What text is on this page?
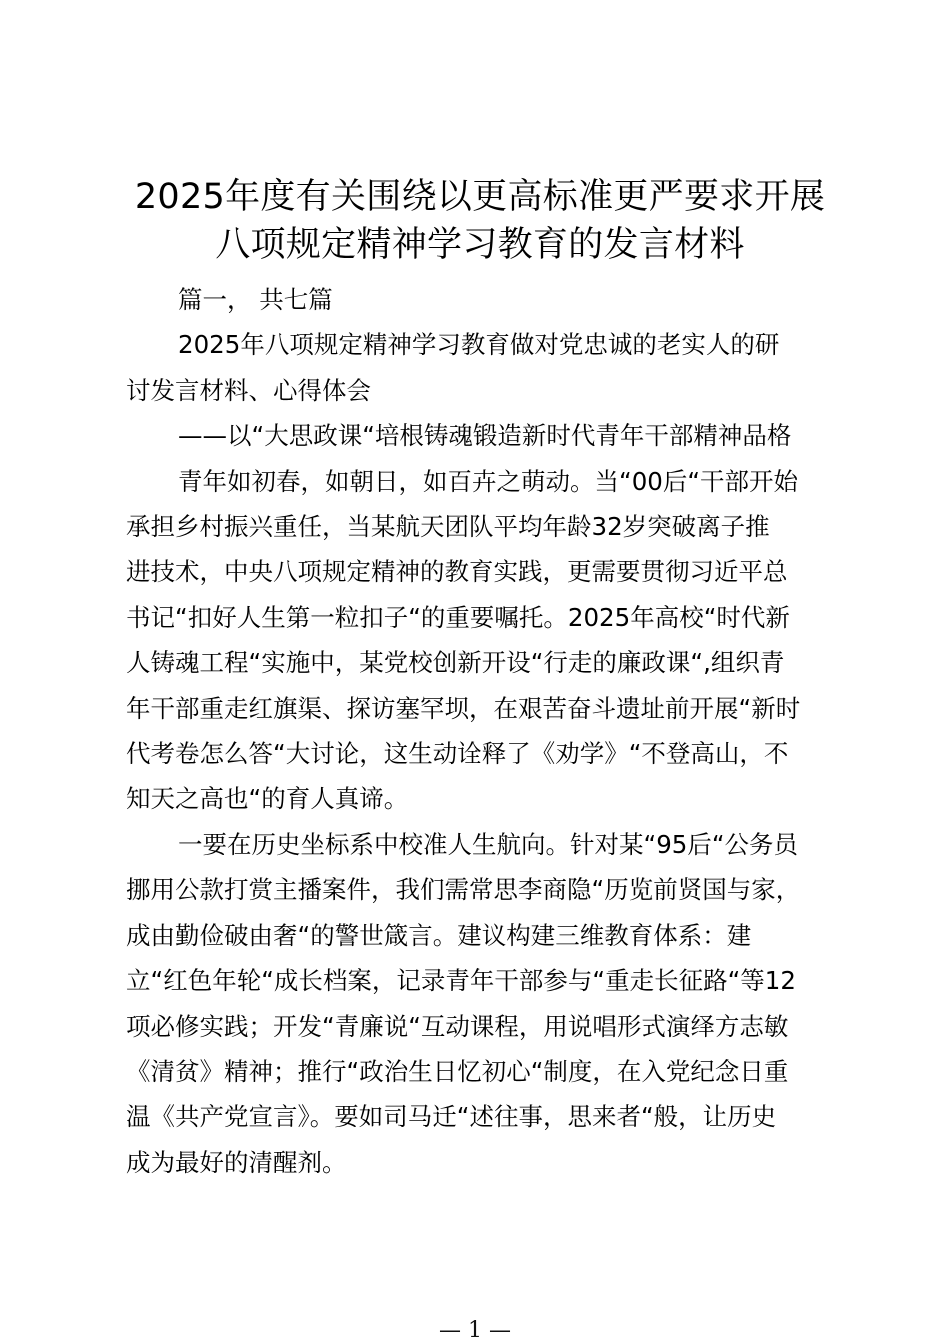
2025年度有关围绕以更高标准更严要求开展
八项规定精神学习教育的发言材料

篇一， 共七篇

2025年八项规定精神学习教育做对党忠诚的老实人的研
讨发言材料、心得体会

——以“大思政课“培根铸魂锻造新时代青年干部精神品格

青年如初春，如朝日，如百卉之萌动。当“00后“干部开始
承担乡村振兴重任，当某航天团队平均年龄32岁突破离子推
进技术，中央八项规定精神的教育实践，更需要贯彻习近平总
书记“扣好人生第一粒扣子“的重要嘱托。2025年高校“时代新
人铸魂工程“实施中，某党校创新开设“行走的廉政课“,组织青
年干部重走红旗渠、探访塞罕坝，在艰苦奋斗遗址前开展“新时
代考卷怎么答“大讨论，这生动诠释了《劝学》“不登高山，不
知天之高也“的育人真谛。

一要在历史坐标系中校准人生航向。针对某“95后“公务员
挪用公款打赏主播案件，我们需常思李商隐“历览前贤国与家，
成由勤俭破由奢“的警世箴言。建议构建三维教育体系：建
立“红色年轮“成长档案，记录青年干部参与“重走长征路“等12
项必修实践；开发“青廉说“互动课程，用说唱形式演绎方志敏
《清贫》精神；推行“政治生日忆初心“制度，在入党纪念日重
温《共产党宣言》。要如司马迁“述往事，思来者“般，让历史
成为最好的清醒剂。

— 1 —
